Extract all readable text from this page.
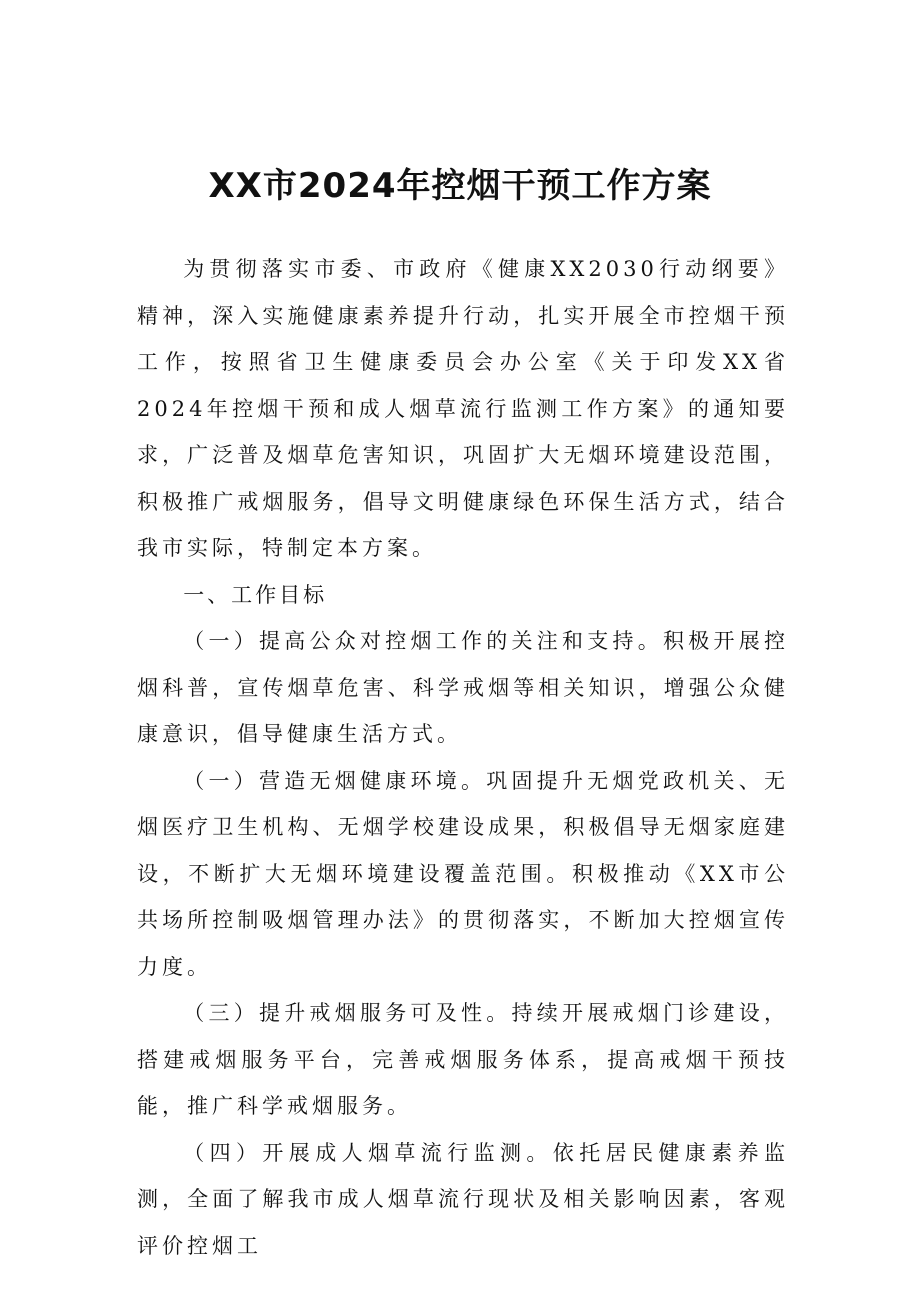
XX市2024年控烟干预工作方案

为贯彻落实市委、市政府《健康XX2030行动纲要》精神，深入实施健康素养提升行动，扎实开展全市控烟干预工作，按照省卫生健康委员会办公室《关于印发XX省2024年控烟干预和成人烟草流行监测工作方案》的通知要求，广泛普及烟草危害知识，巩固扩大无烟环境建设范围，积极推广戒烟服务，倡导文明健康绿色环保生活方式，结合我市实际，特制定本方案。

一、工作目标

（一）提高公众对控烟工作的关注和支持。积极开展控烟科普，宣传烟草危害、科学戒烟等相关知识，增强公众健康意识，倡导健康生活方式。

（一）营造无烟健康环境。巩固提升无烟党政机关、无烟医疗卫生机构、无烟学校建设成果，积极倡导无烟家庭建设，不断扩大无烟环境建设覆盖范围。积极推动《XX市公共场所控制吸烟管理办法》的贯彻落实，不断加大控烟宣传力度。

（三）提升戒烟服务可及性。持续开展戒烟门诊建设，搭建戒烟服务平台，完善戒烟服务体系，提高戒烟干预技能，推广科学戒烟服务。

（四）开展成人烟草流行监测。依托居民健康素养监测，全面了解我市成人烟草流行现状及相关影响因素，客观评价控烟工
